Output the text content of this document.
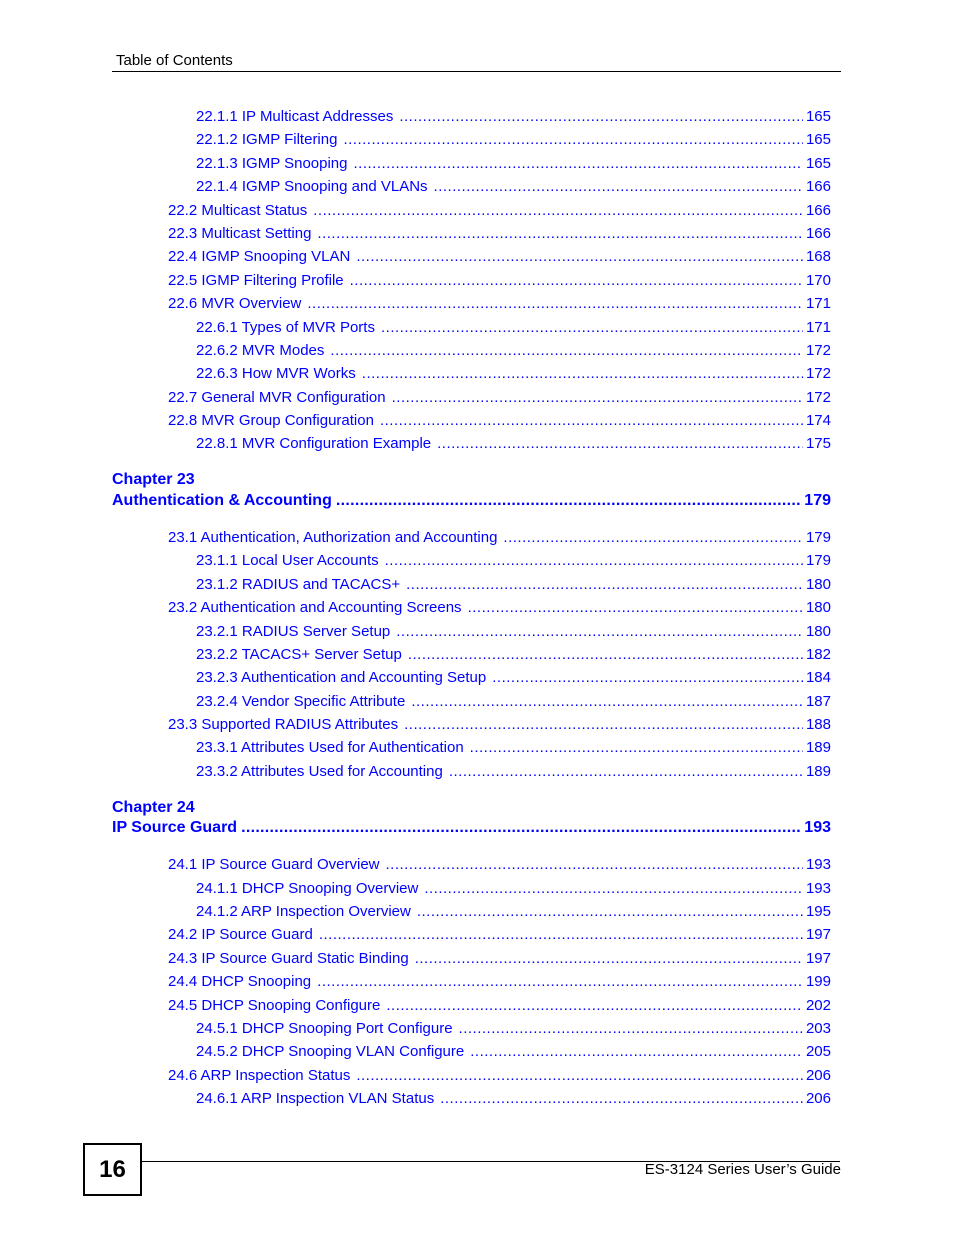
Table of Contents
22.1.1 IP Multicast Addresses .....	165
22.1.2 IGMP Filtering .....	165
22.1.3 IGMP Snooping .....	165
22.1.4 IGMP Snooping and VLANs .....	166
22.2 Multicast Status .....	166
22.3 Multicast Setting .....	166
22.4 IGMP Snooping VLAN .....	168
22.5 IGMP Filtering Profile .....	170
22.6 MVR Overview .....	171
22.6.1 Types of MVR Ports .....	171
22.6.2 MVR Modes .....	172
22.6.3 How MVR Works .....	172
22.7 General MVR Configuration .....	172
22.8 MVR Group Configuration .....	174
22.8.1 MVR Configuration Example .....	175
Chapter 23
Authentication & Accounting .....	179
23.1 Authentication, Authorization and Accounting .....	179
23.1.1 Local User Accounts .....	179
23.1.2 RADIUS and TACACS+ .....	180
23.2 Authentication and Accounting Screens .....	180
23.2.1 RADIUS Server Setup .....	180
23.2.2 TACACS+ Server Setup .....	182
23.2.3 Authentication and Accounting Setup .....	184
23.2.4 Vendor Specific Attribute .....	187
23.3 Supported RADIUS Attributes .....	188
23.3.1 Attributes Used for Authentication .....	189
23.3.2 Attributes Used for Accounting .....	189
Chapter 24
IP Source Guard .....	193
24.1 IP Source Guard Overview .....	193
24.1.1 DHCP Snooping Overview .....	193
24.1.2 ARP Inspection Overview .....	195
24.2 IP Source Guard .....	197
24.3 IP Source Guard Static Binding .....	197
24.4 DHCP Snooping .....	199
24.5 DHCP Snooping Configure .....	202
24.5.1 DHCP Snooping Port Configure .....	203
24.5.2 DHCP Snooping VLAN Configure .....	205
24.6 ARP Inspection Status .....	206
24.6.1 ARP Inspection VLAN Status .....	206
16	ES-3124 Series User’s Guide
